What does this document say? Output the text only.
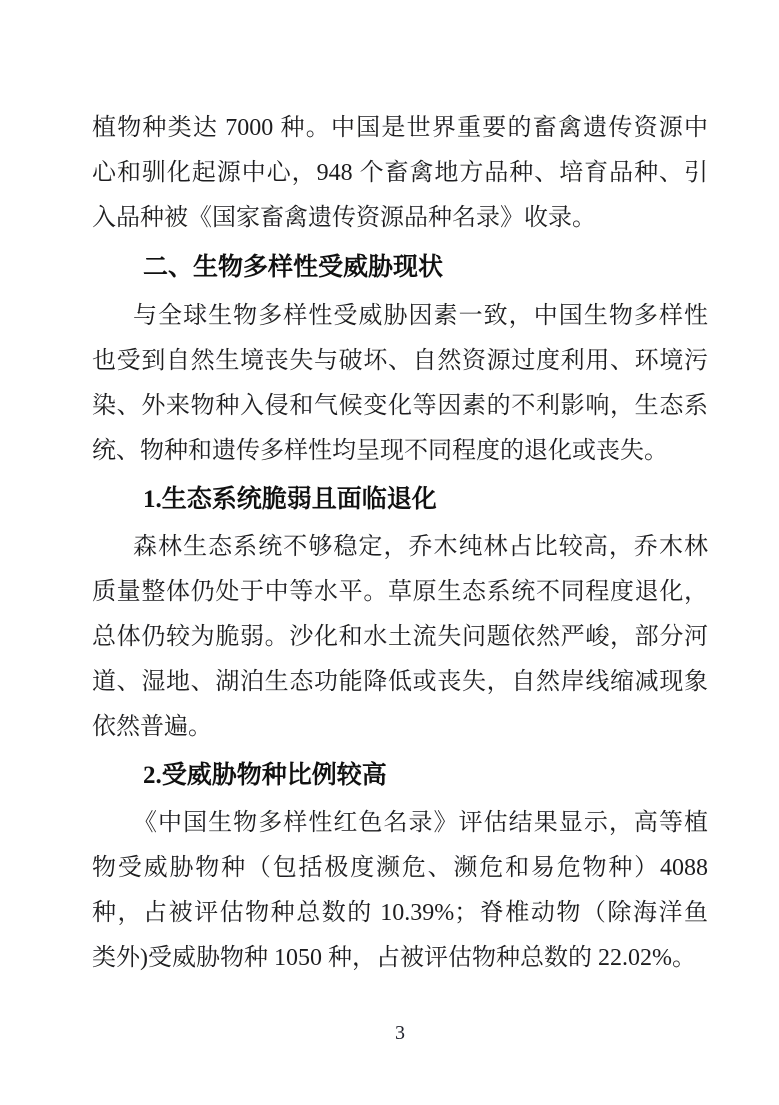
植物种类达 7000 种。中国是世界重要的畜禽遗传资源中
心和驯化起源中心，948 个畜禽地方品种、培育品种、引
入品种被《国家畜禽遗传资源品种名录》收录。
二、生物多样性受威胁现状
与全球生物多样性受威胁因素一致，中国生物多样性
也受到自然生境丧失与破坏、自然资源过度利用、环境污
染、外来物种入侵和气候变化等因素的不利影响，生态系
统、物种和遗传多样性均呈现不同程度的退化或丧失。
1.生态系统脆弱且面临退化
森林生态系统不够稳定，乔木纯林占比较高，乔木林
质量整体仍处于中等水平。草原生态系统不同程度退化，
总体仍较为脆弱。沙化和水土流失问题依然严峻，部分河
道、湿地、湖泊生态功能降低或丧失，自然岸线缩减现象
依然普遍。
2.受威胁物种比例较高
《中国生物多样性红色名录》评估结果显示，高等植
物受威胁物种（包括极度濒危、濒危和易危物种）4088
种，占被评估物种总数的 10.39%；脊椎动物（除海洋鱼
类外)受威胁物种 1050 种，占被评估物种总数的 22.02%。
3
